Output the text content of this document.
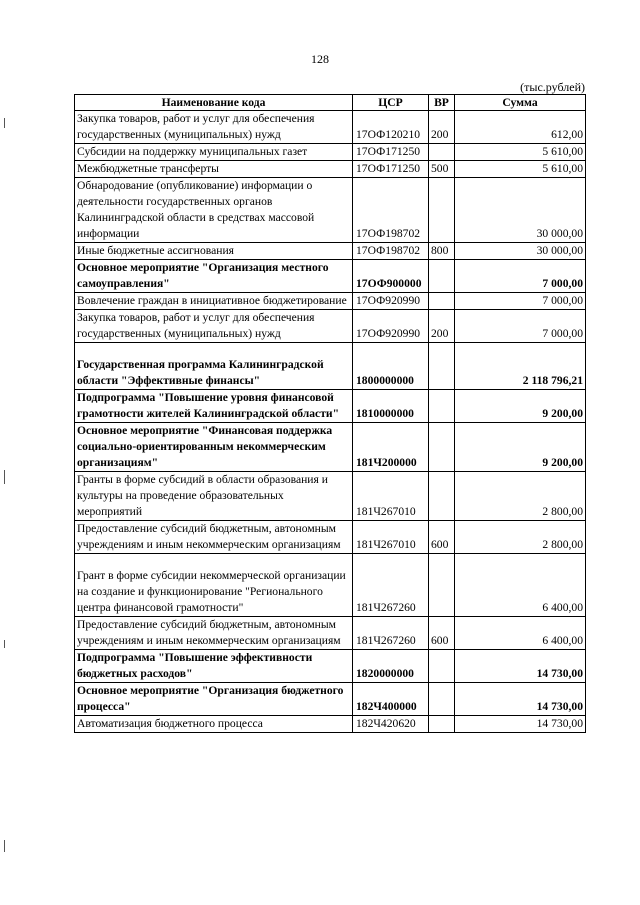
128
(тыс.рублей)
Наименование кода	ЦСР	ВР	Сумма
Закупка товаров, работ и услуг для обеспечения государственных (муниципальных) нужд	17ОФ120210	200	612,00
Субсидии на поддержку муниципальных газет	17ОФ171250		5 610,00
Межбюджетные трансферты	17ОФ171250	500	5 610,00
Обнародование (опубликование) информации о деятельности государственных органов Калининградской области в средствах массовой информации	17ОФ198702		30 000,00
Иные бюджетные ассигнования	17ОФ198702	800	30 000,00
Основное мероприятие "Организация местного самоуправления"	17ОФ900000		7 000,00
Вовлечение граждан в инициативное бюджетирование	17ОФ920990		7 000,00
Закупка товаров, работ и услуг для обеспечения государственных (муниципальных) нужд	17ОФ920990	200	7 000,00
Государственная программа Калининградской области "Эффективные финансы"	1800000000		2 118 796,21
Подпрограмма "Повышение уровня финансовой грамотности жителей Калининградской области"	1810000000		9 200,00
Основное мероприятие "Финансовая поддержка социально-ориентированным некоммерческим организациям"	181Ч200000		9 200,00
Гранты в форме субсидий в области образования и культуры на проведение образовательных мероприятий	181Ч267010		2 800,00
Предоставление субсидий бюджетным, автономным учреждениям и иным некоммерческим организациям	181Ч267010	600	2 800,00
Грант в форме субсидии некоммерческой организации на создание и функционирование "Регионального центра финансовой грамотности"	181Ч267260		6 400,00
Предоставление субсидий бюджетным, автономным учреждениям и иным некоммерческим организациям	181Ч267260	600	6 400,00
Подпрограмма "Повышение эффективности бюджетных расходов"	1820000000		14 730,00
Основное мероприятие "Организация бюджетного процесса"	182Ч400000		14 730,00
Автоматизация бюджетного процесса	182Ч420620		14 730,00
